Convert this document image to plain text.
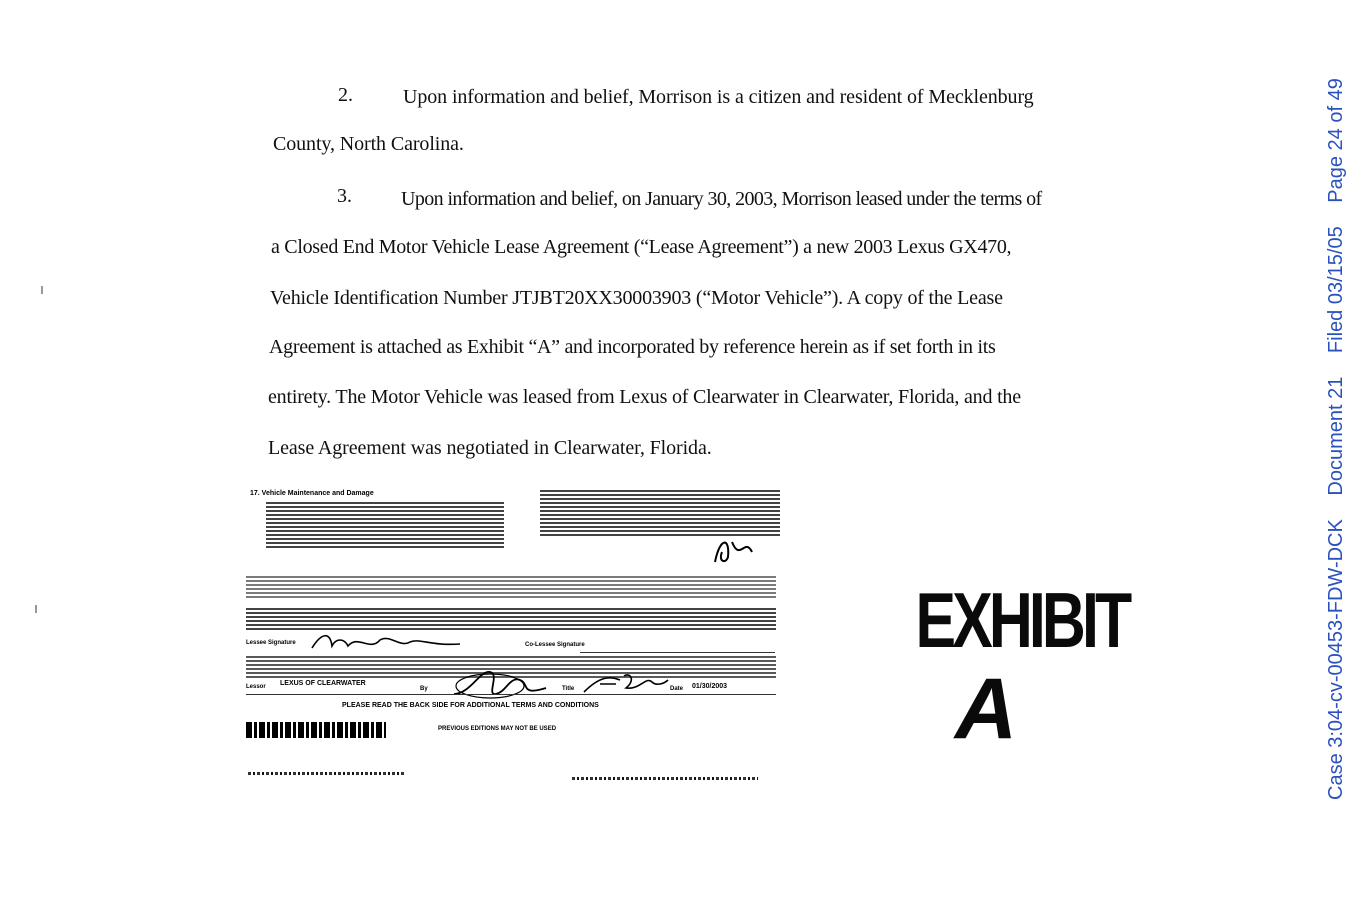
2.	Upon information and belief, Morrison is a citizen and resident of Mecklenburg
County, North Carolina.
3. Upon information and belief, on January 30, 2003, Morrison leased under the terms of
a Closed End Motor Vehicle Lease Agreement (“Lease Agreement”) a new 2003 Lexus GX470,
Vehicle Identification Number JTJBT20XX30003903 (“Motor Vehicle”). A copy of the Lease
Agreement is attached as Exhibit “A” and incorporated by reference herein as if set forth in its
entirety. The Motor Vehicle was leased from Lexus of Clearwater in Clearwater, Florida, and the
Lease Agreement was negotiated in Clearwater, Florida.
17. Vehicle Maintenance and Damage
Lessee Signature	Co-Lessee Signature
Lessor LEXUS OF CLEARWATER
By	Title	Date 01/30/2003
PLEASE READ THE BACK SIDE FOR ADDITIONAL TERMS AND CONDITIONS
PREVIOUS EDITIONS MAY NOT BE USED
EXHIBIT
A	Case 3:04-cv-00453-FDW-DCK Document 21 Filed 03/15/05 Page 24 of 49
